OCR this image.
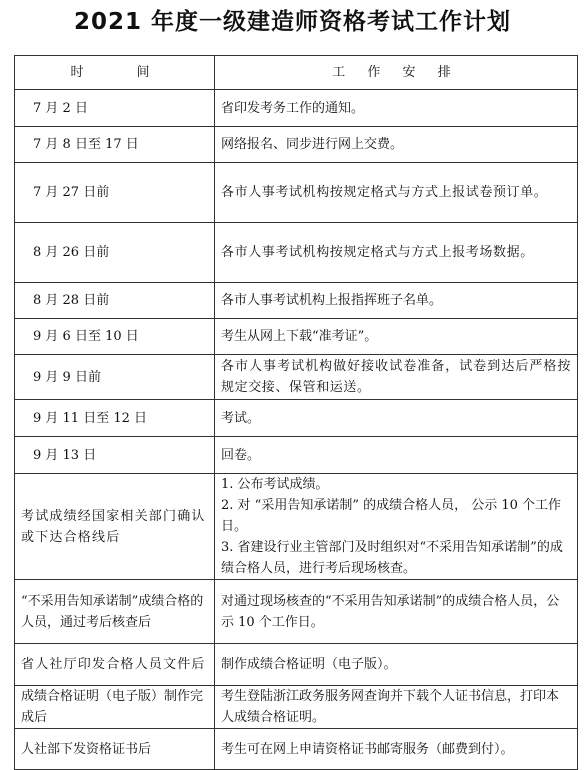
2021 年度一级建造师资格考试工作计划
时　　间	工 作 安 排
7 月 2 日	省印发考务工作的通知。
7 月 8 日至 17 日	网络报名、同步进行网上交费。
7 月 27 日前	各市人事考试机构按规定格式与方式上报试卷预订单。
8 月 26 日前	各市人事考试机构按规定格式与方式上报考场数据。
8 月 28 日前	各市人事考试机构上报指挥班子名单。
9 月 6 日至 10 日	考生从网上下载“准考证”。
9 月 9 日前	各市人事考试机构做好接收试卷准备，试卷到达后严格按规定交接、保管和运送。
9 月 11 日至 12 日	考试。
9 月 13 日	回卷。
考试成绩经国家相关部门确认或下达合格线后	1. 公布考试成绩。
2. 对 “采用告知承诺制” 的成绩合格人员， 公示 10 个工作日。
3. 省建设行业主管部门及时组织对“不采用告知承诺制”的成绩合格人员，进行考后现场核查。

“不采用告知承诺制”成绩合格的人员，通过考后核查后	对通过现场核查的“不采用告知承诺制”的成绩合格人员，公示 10 个工作日。
省人社厅印发合格人员文件后	制作成绩合格证明（电子版）。
成绩合格证明（电子版）制作完成后	考生登陆浙江政务服务网查询并下载个人证书信息，打印本人成绩合格证明。
人社部下发资格证书后	考生可在网上申请资格证书邮寄服务（邮费到付）。
